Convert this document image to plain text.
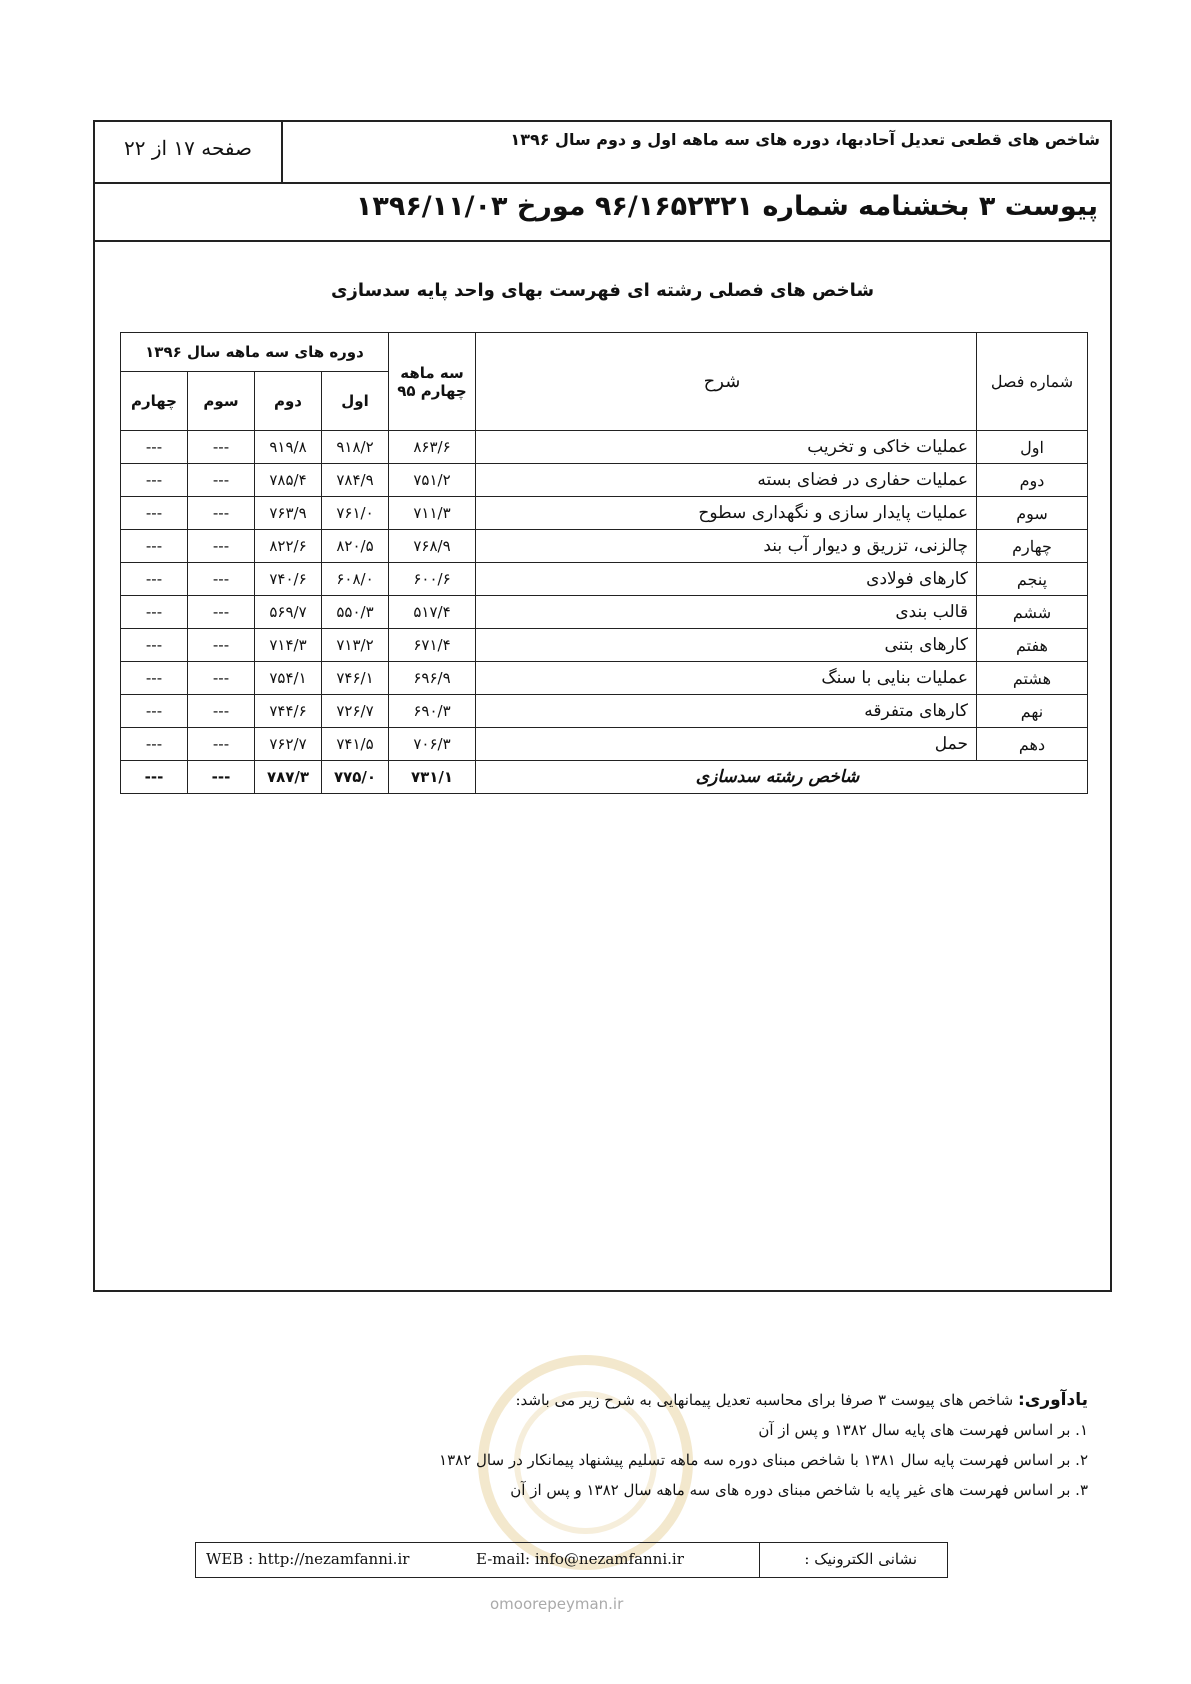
شاخص های قطعی تعدیل آحادبها، دوره های سه ماهه اول و دوم سال ۱۳۹۶
صفحه ۱۷ از ۲۲
پیوست ۳ بخشنامه شماره ۹۶/۱۶۵۲۳۲۱ مورخ ۱۳۹۶/۱۱/۰۳
شاخص های فصلی رشته ای فهرست بهای واحد پایه سدسازی
شماره فصل	شرح	سه ماهه چهارم ۹۵	دوره های سه ماهه سال ۱۳۹۶			
			اول	دوم	سوم	چهارم
اول	عملیات خاکی و تخریب	۸۶۳/۶	۹۱۸/۲	۹۱۹/۸	---	---
دوم	عملیات حفاری در فضای بسته	۷۵۱/۲	۷۸۴/۹	۷۸۵/۴	---	---
سوم	عملیات پایدار سازی و نگهداری سطوح	۷۱۱/۳	۷۶۱/۰	۷۶۳/۹	---	---
چهارم	چالزنی، تزریق و دیوار آب بند	۷۶۸/۹	۸۲۰/۵	۸۲۲/۶	---	---
پنجم	کارهای فولادی	۶۰۰/۶	۶۰۸/۰	۷۴۰/۶	---	---
ششم	قالب بندی	۵۱۷/۴	۵۵۰/۳	۵۶۹/۷	---	---
هفتم	کارهای بتنی	۶۷۱/۴	۷۱۳/۲	۷۱۴/۳	---	---
هشتم	عملیات بنایی با سنگ	۶۹۶/۹	۷۴۶/۱	۷۵۴/۱	---	---
نهم	کارهای متفرقه	۶۹۰/۳	۷۲۶/۷	۷۴۴/۶	---	---
دهم	حمل	۷۰۶/۳	۷۴۱/۵	۷۶۲/۷	---	---
شاخص رشته سدسازی		۷۳۱/۱	۷۷۵/۰	۷۸۷/۳	---	---
یادآوری: شاخص های پیوست ۳ صرفا برای محاسبه تعدیل پیمانهایی به شرح زیر می باشد:
۱. بر اساس فهرست های پایه سال ۱۳۸۲ و پس از آن
۲. بر اساس فهرست پایه سال ۱۳۸۱ با شاخص مبنای دوره سه ماهه تسلیم پیشنهاد پیمانکار در سال ۱۳۸۲
۳. بر اساس فهرست های غیر پایه با شاخص مبنای دوره های سه ماهه سال ۱۳۸۲ و پس از آن
نشانی الکترونیک :
E-mail: info@nezamfanni.ir
WEB : http://nezamfanni.ir
omoorepeyman.ir
